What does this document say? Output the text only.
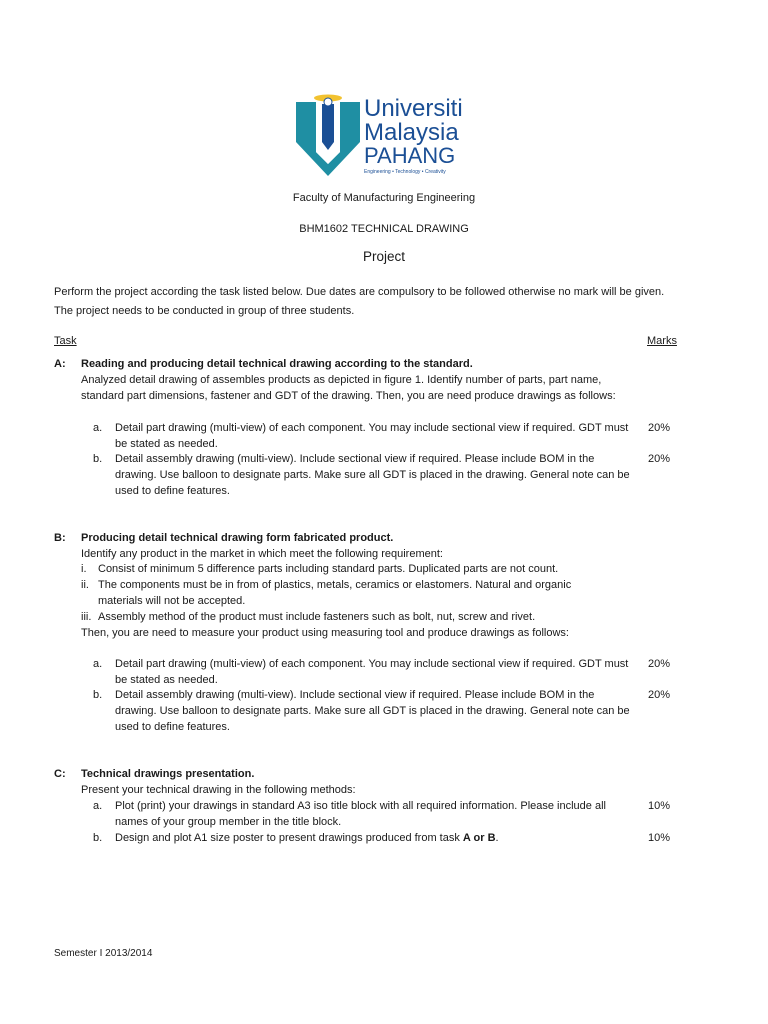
Universiti
Malaysia
PAHANG
Engineering • Technology • Creativity
Faculty of Manufacturing Engineering
BHM1602 TECHNICAL DRAWING
Project

Perform the project according the task listed below. Due dates are compulsory to be followed otherwise no mark will be given.

The project needs to be conducted in group of three students.

Task	Marks
A: Reading and producing detail technical drawing according to the standard.

Analyzed detail drawing of assembles products as depicted in figure 1. Identify number of parts, part name, standard part dimensions, fastener and GDT of the drawing. Then, you are need produce drawings as follows:

a. Detail part drawing (multi-view) of each component. You may include sectional view if required. GDT must be stated as needed.
20%
b. Detail assembly drawing (multi-view). Include sectional view if required. Please include BOM in the drawing. Use balloon to designate parts. Make sure all GDT is placed in the drawing. General note can be used to define features.
20%
B: Producing detail technical drawing form fabricated product.
Identify any product in the market in which meet the following requirement:
i. Consist of minimum 5 difference parts including standard parts. Duplicated parts are not count.
ii. The components must be in from of plastics, metals, ceramics or elastomers. Natural and organic materials will not be accepted.
iii. Assembly method of the product must include fasteners such as bolt, nut, screw and rivet.
Then, you are need to measure your product using measuring tool and produce drawings as follows:
a. Detail part drawing (multi-view) of each component. You may include sectional view if required. GDT must be stated as needed.
20%
b. Detail assembly drawing (multi-view). Include sectional view if required. Please include BOM in the drawing. Use balloon to designate parts. Make sure all GDT is placed in the drawing. General note can be used to define features.
20%
C: Technical drawings presentation.
Present your technical drawing in the following methods:
a. Plot (print) your drawings in standard A3 iso title block with all required information. Please include all names of your group member in the title block.
10%
b. Design and plot A1 size poster to present drawings produced from task A or B.	10%
Semester I 2013/2014
